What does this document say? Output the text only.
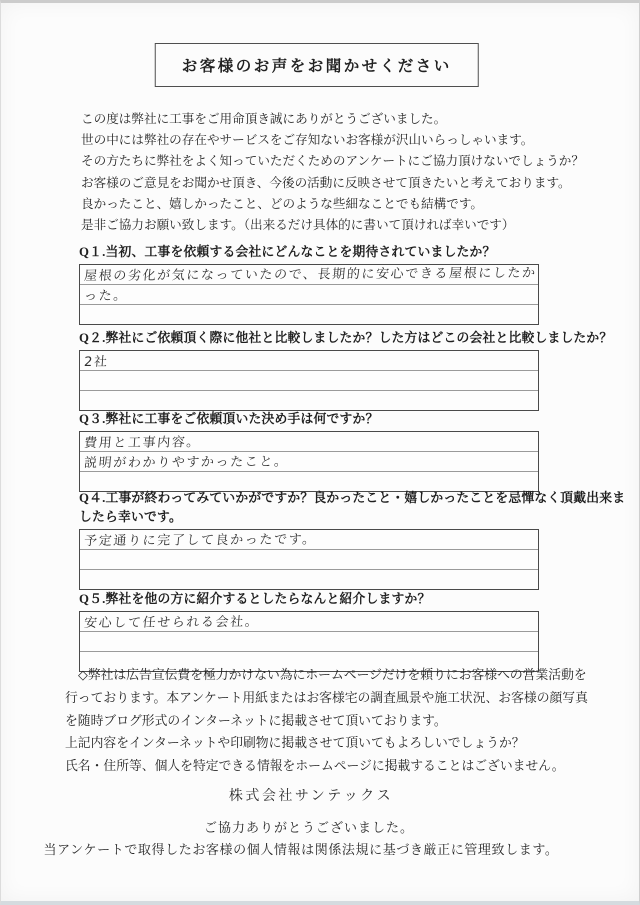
お客様のお声をお聞かせください
この度は弊社に工事をご用命頂き誠にありがとうございました。
世の中には弊社の存在やサービスをご存知ないお客様が沢山いらっしゃいます。
その方たちに弊社をよく知っていただくためのアンケートにご協力頂けないでしょうか？
お客様のご意見をお聞かせ頂き、今後の活動に反映させて頂きたいと考えております。
良かったこと、嬉しかったこと、どのような些細なことでも結構です。
是非ご協力お願い致します。（出来るだけ具体的に書いて頂ければ幸いです）
Q１.当初、工事を依頼する会社にどんなことを期待されていましたか？
屋根の劣化が気になっていたので、長期的に安心できる屋根にしたか
った。
Q２.弊社にご依頼頂く際に他社と比較しましたか？した方はどこの会社と比較しましたか？
2社
Q３.弊社に工事をご依頼頂いた決め手は何ですか？
費用と工事内容。
説明がわかりやすかったこと。
Q４.工事が終わってみていかがですか？良かったこと・嬉しかったことを忌憚なく頂戴出来ましたら幸いです。
予定通りに完了して良かったです。
Q５.弊社を他の方に紹介するとしたらなんと紹介しますか？
安心して任せられる会社。
◇弊社は広告宣伝費を極力かけない為にホームページだけを頼りにお客様への営業活動を
行っております。本アンケート用紙またはお客様宅の調査風景や施工状況、お客様の顔写真
を随時ブログ形式のインターネットに掲載させて頂いております。
上記内容をインターネットや印刷物に掲載させて頂いてもよろしいでしょうか？
氏名・住所等、個人を特定できる情報をホームページに掲載することはございません。
株式会社サンテックス
ご協力ありがとうございました。
当アンケートで取得したお客様の個人情報は関係法規に基づき厳正に管理致します。
